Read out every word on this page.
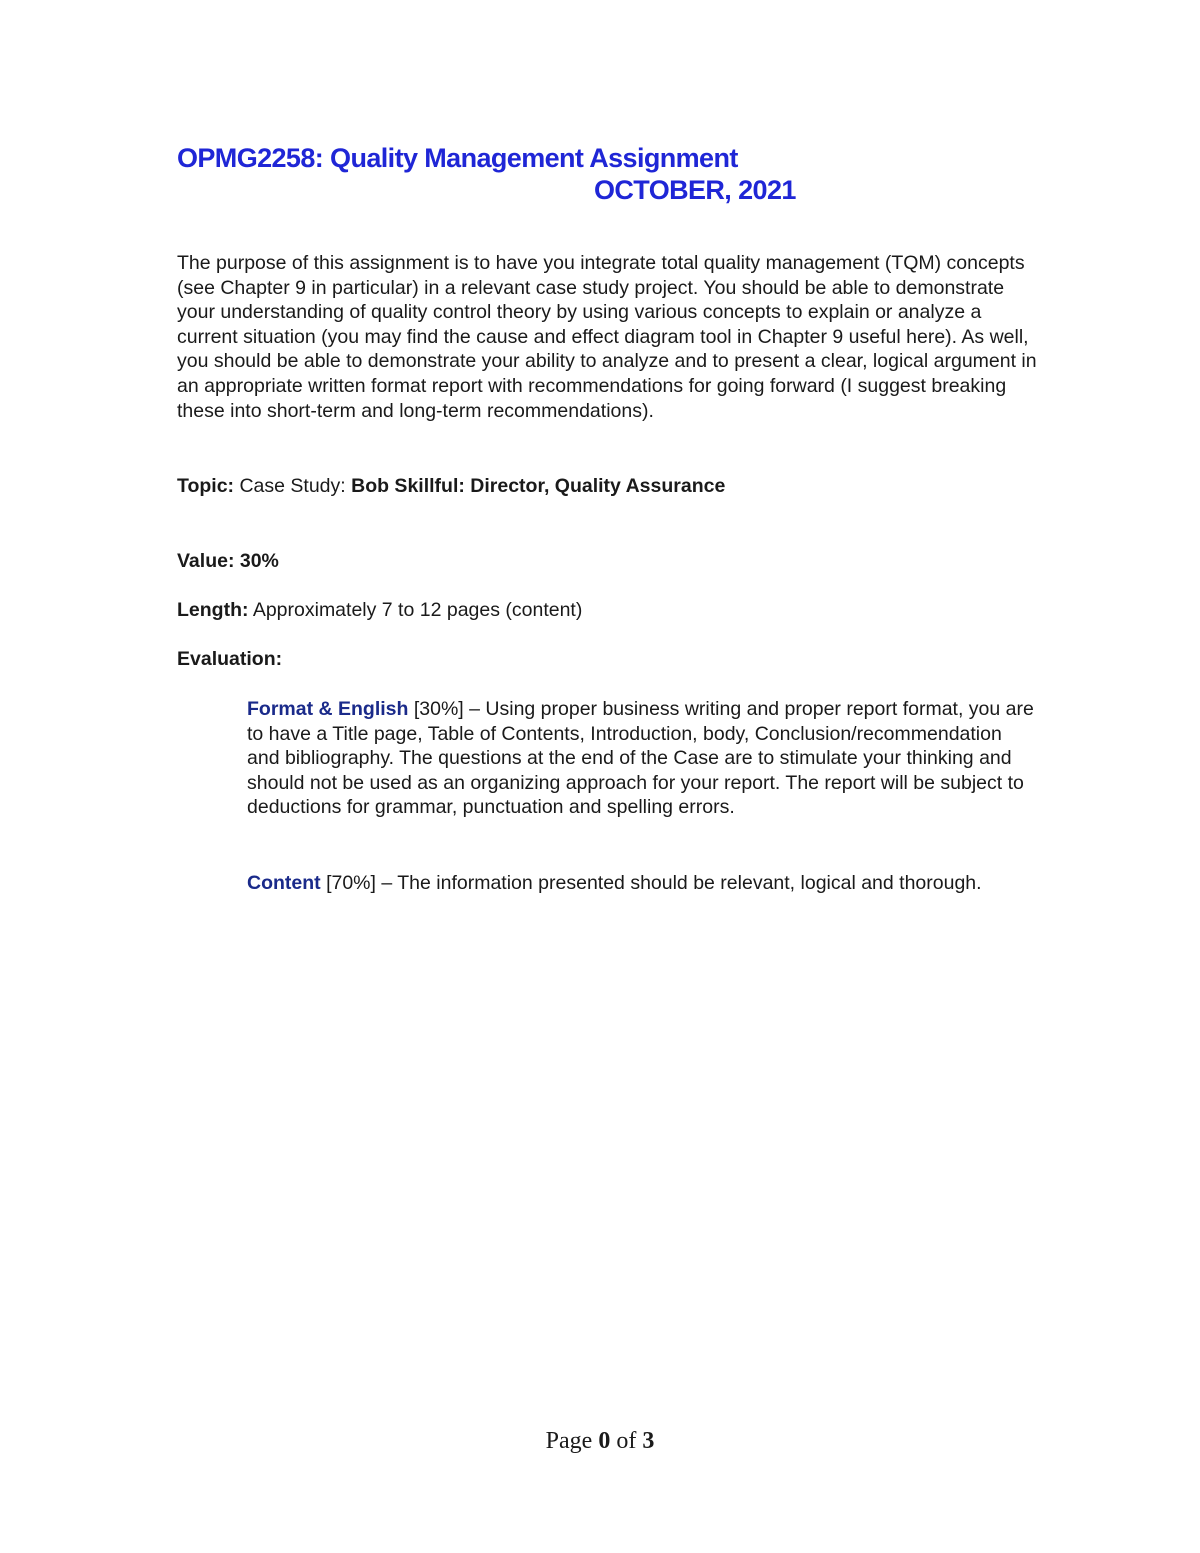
OPMG2258: Quality Management Assignment
OCTOBER, 2021
The purpose of this assignment is to have you integrate total quality management (TQM) concepts (see Chapter 9 in particular) in a relevant case study project. You should be able to demonstrate your understanding of quality control theory by using various concepts to explain or analyze a current situation (you may find the cause and effect diagram tool in Chapter 9 useful here). As well, you should be able to demonstrate your ability to analyze and to present a clear, logical argument in an appropriate written format report with recommendations for going forward (I suggest breaking these into short-term and long-term recommendations).
Topic: Case Study: Bob Skillful: Director, Quality Assurance
Value: 30%
Length: Approximately 7 to 12 pages (content)
Evaluation:
Format & English [30%] – Using proper business writing and proper report format, you are to have a Title page, Table of Contents, Introduction, body, Conclusion/recommendation and bibliography. The questions at the end of the Case are to stimulate your thinking and should not be used as an organizing approach for your report. The report will be subject to deductions for grammar, punctuation and spelling errors.
Content [70%] – The information presented should be relevant, logical and thorough.
Page 0 of 3
